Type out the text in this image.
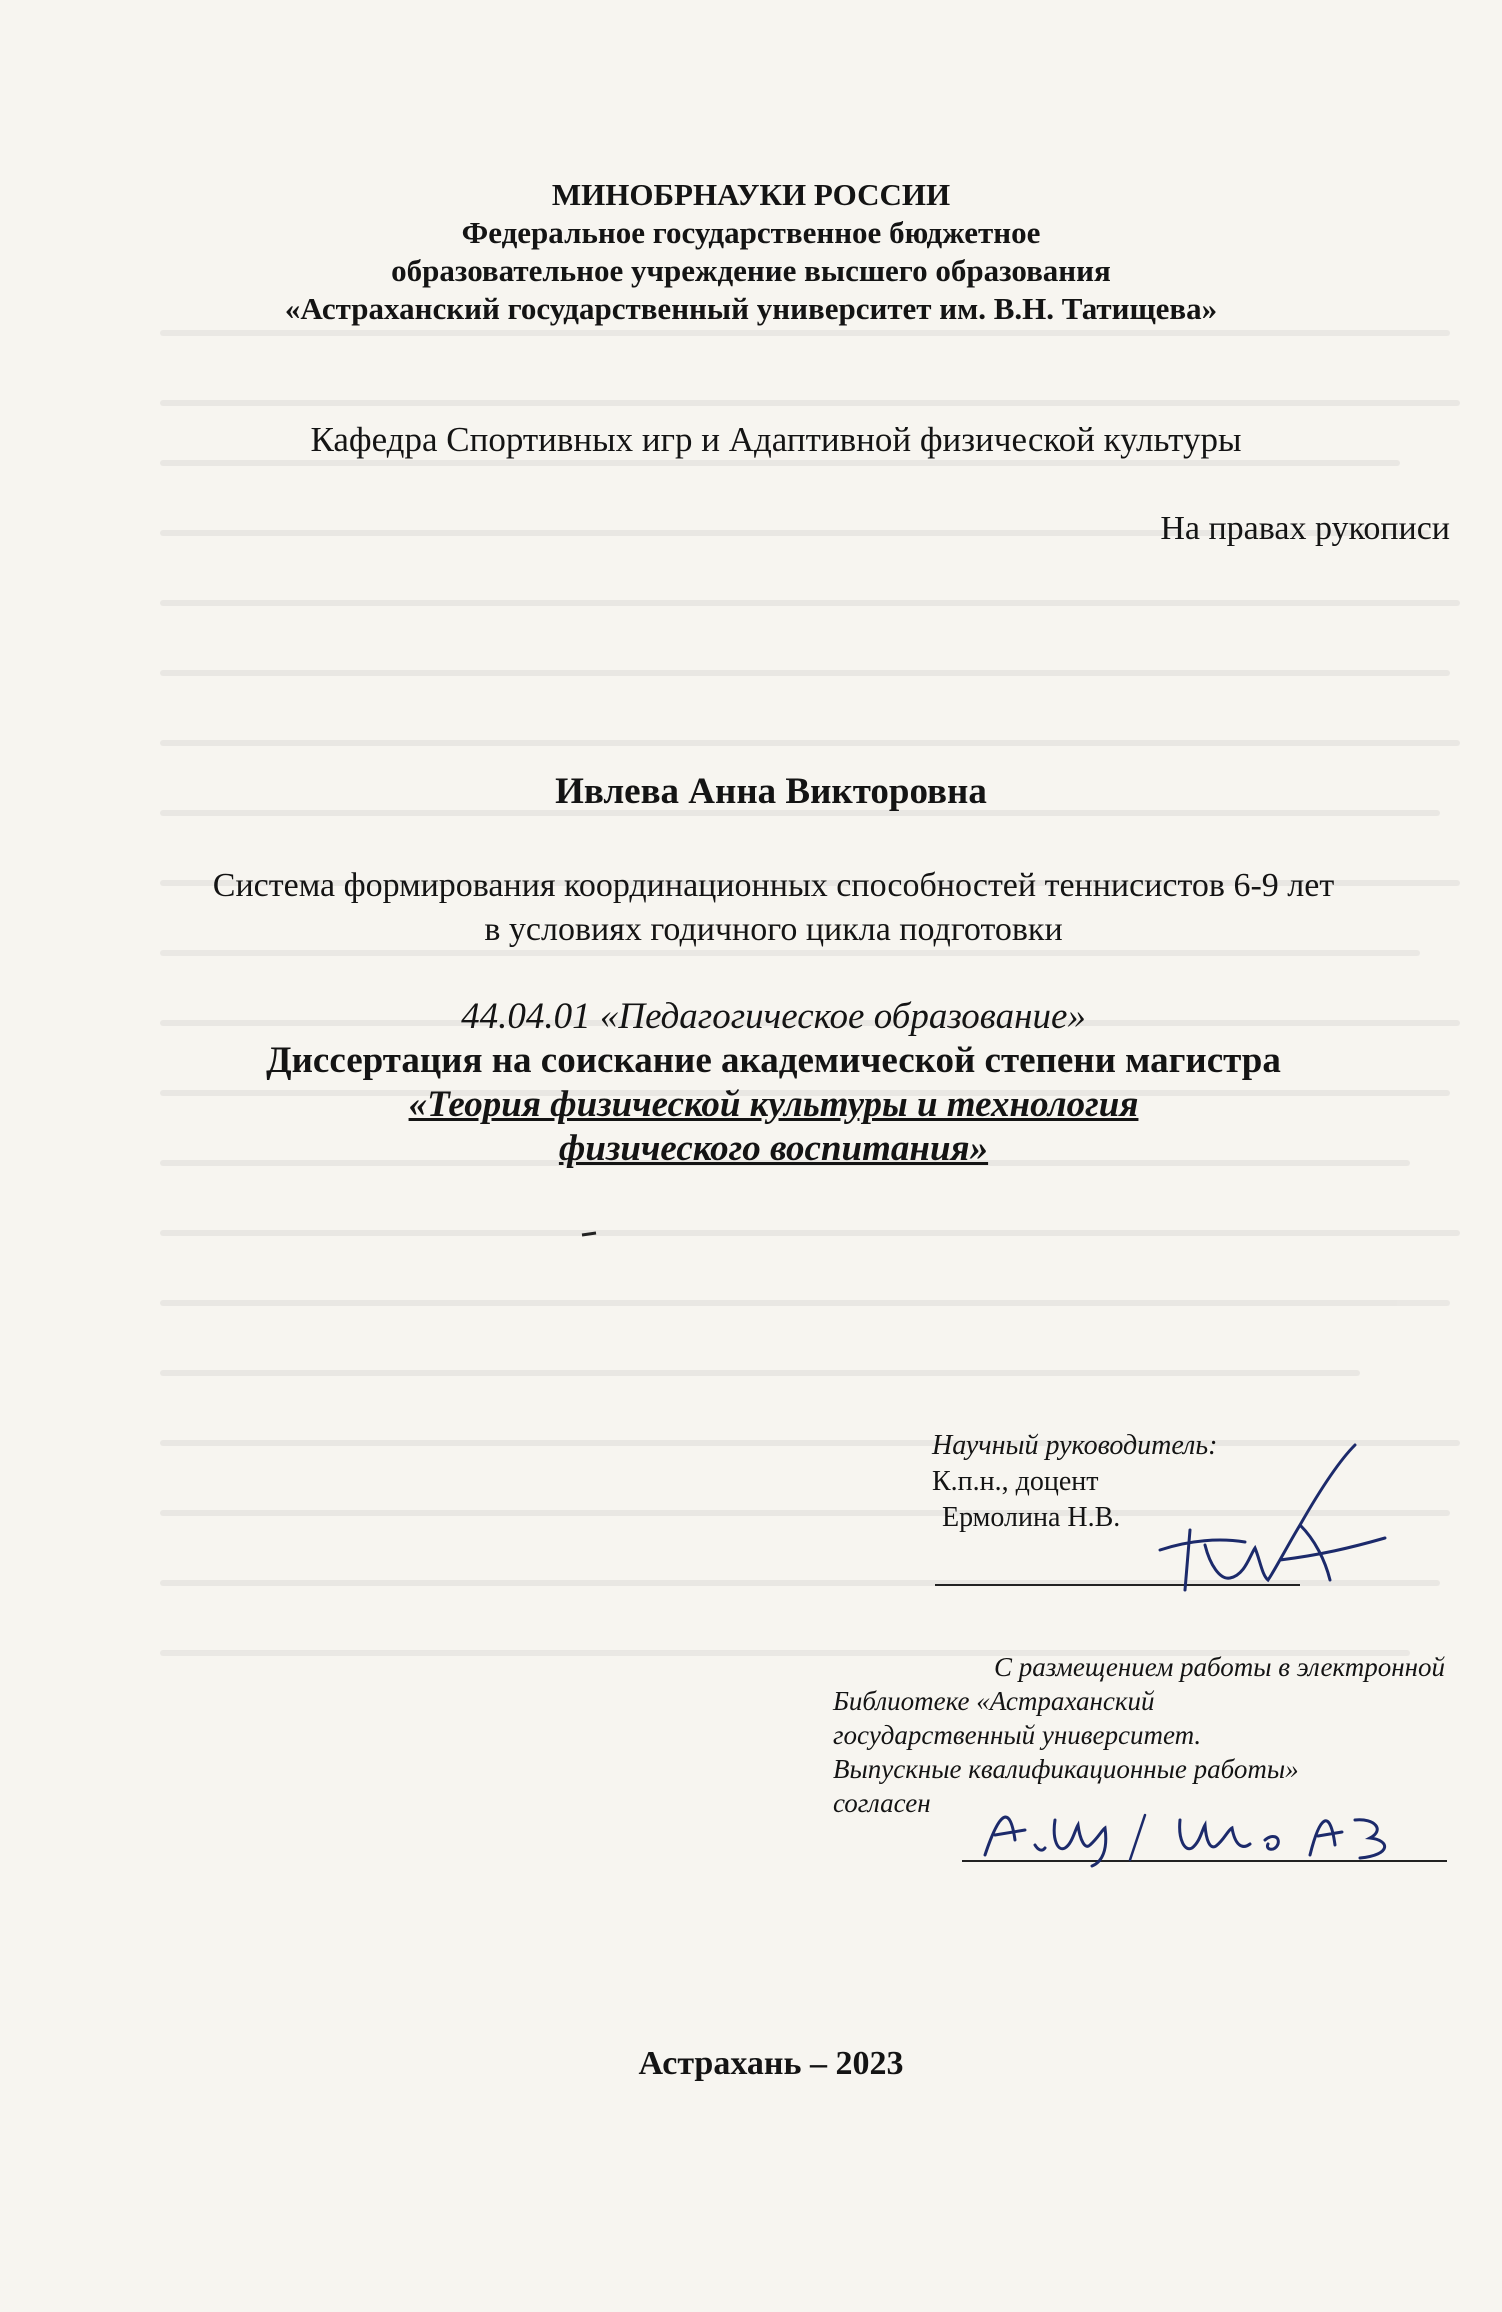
МИНОБРНАУКИ РОССИИ
Федеральное государственное бюджетное
образовательное учреждение высшего образования
«Астраханский государственный университет им. В.Н. Татищева»
Кафедра Спортивных игр и Адаптивной физической культуры
На правах рукописи
Ивлева Анна Викторовна
Система формирования координационных способностей теннисистов 6-9 лет
в условиях годичного цикла подготовки
44.04.01 «Педагогическое образование»
Диссертация на соискание академической степени магистра
«Теория физической культуры и технология
физического воспитания»
Научный руководитель:
К.п.н., доцент
Ермолина Н.В.
С размещением работы в электронной
Библиотеке «Астраханский
государственный университет.
Выпускные квалификационные работы»
согласен
Астрахань – 2023
